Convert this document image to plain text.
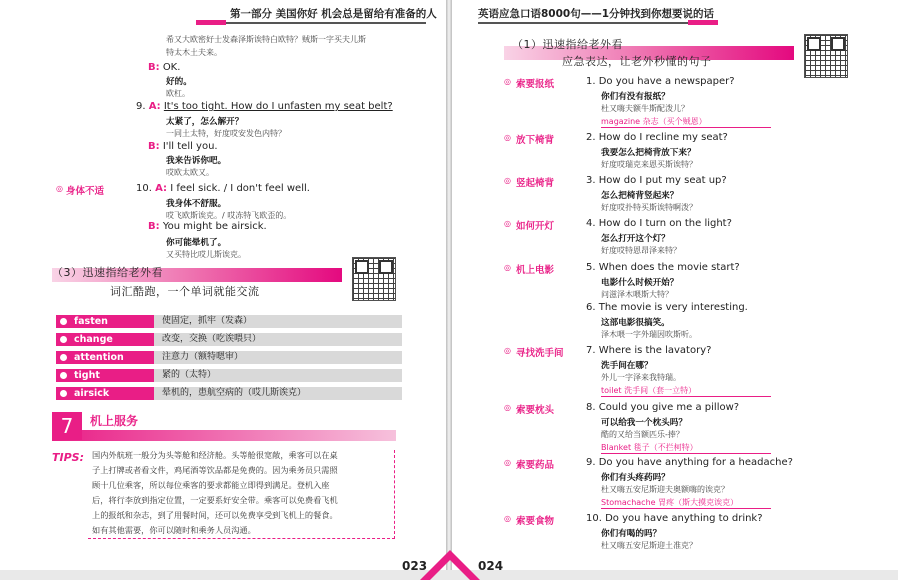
第一部分 美国你好 机会总是留给有准备的人
希又大欧密好士发森泽斯诶特白欧特？贼斯一字买夫儿斯
特太木土夫来。
B: OK.
好的。
欧杠。
9. A: It's too tight. How do I unfasten my seat belt?
太紧了，怎么解开？
一同土太特，好度哎安发色内特？
B: I'll tell you.
我来告诉你吧。
哎欧太欧又。
◎ 身体不适	10. A: I feel sick. / I don't feel well.
我身体不舒服。
哎飞欧斯诶克。/ 哎冻特飞欧歪的。
B: You might be airsick.
你可能晕机了。
又买特比哎儿斯诶克。
（3）迅速指给老外看
词汇酷跑，一个单词就能交流
fasten	使固定，抓牢（发森）
change	改变，交换（吃诶喂只）
attention	注意力（额特嗯审）
tight	紧的（太特）
airsick	晕机的，患航空病的（哎儿斯诶克）
7	机上服务
TIPS: 国内外航班一般分为头等舱和经济舱。头等舱很宽敞，乘客可以在桌
子上打牌或者看文件，鸡尾酒等饮品都是免费的。因为乘务员只需照
顾十几位乘客，所以每位乘客的要求都能立即得到满足。登机入座
后，将行李放到指定位置，一定要系好安全带。乘客可以免费看飞机
上的报纸和杂志，到了用餐时间，还可以免费享受到飞机上的餐食。
如有其他需要，你可以随时和乘务人员沟通。
023
英语应急口语8000句——1分钟找到你想要说的话
（1）迅速指给老外看
应急表达，让老外秒懂的句子
◎ 索要报纸	1. Do you have a newspaper?
你们有没有报纸？
杜又嗨夫额牛斯配泼儿？
magazine 杂志（买个贼恩）
◎ 放下椅背	2. How do I recline my seat?
我要怎么把椅背放下来？
好度哎瑞克来恩买斯诶特？
◎ 竖起椅背	3. How do I put my seat up?
怎么把椅背竖起来？
好度哎扑特买斯诶特啊泼？
◎ 如何开灯	4. How do I turn on the light?
怎么打开这个灯？
好度哎特恩昂泽来特？
◎ 机上电影	5. When does the movie start?
电影什么时候开始？
问滋泽木喂斯大特？
6. The movie is very interesting.
这部电影很搞笑。
泽木喂一字外瑞因吹斯听。
◎ 寻找洗手间 7. Where is the lavatory?
洗手间在哪？
外儿一字泽来我特瑞。
toilet 洗手间（套一立特）
◎ 索要枕头	8. Could you give me a pillow?
可以给我一个枕头吗？
酷的又给当额匹乐-捧？
Blanket 毯子（不拦柯特）
◎ 索要药品	9. Do you have anything for a headache?
你们有头疼药吗？
杜又嗨五安尼斯迎夫奥额嗨的诶克？
Stomachache 胃疼（斯大摸克诶克）
◎ 索要食物	10. Do you have anything to drink?
你们有喝的吗？
杜又嗨五安尼斯迎土准克？
024
